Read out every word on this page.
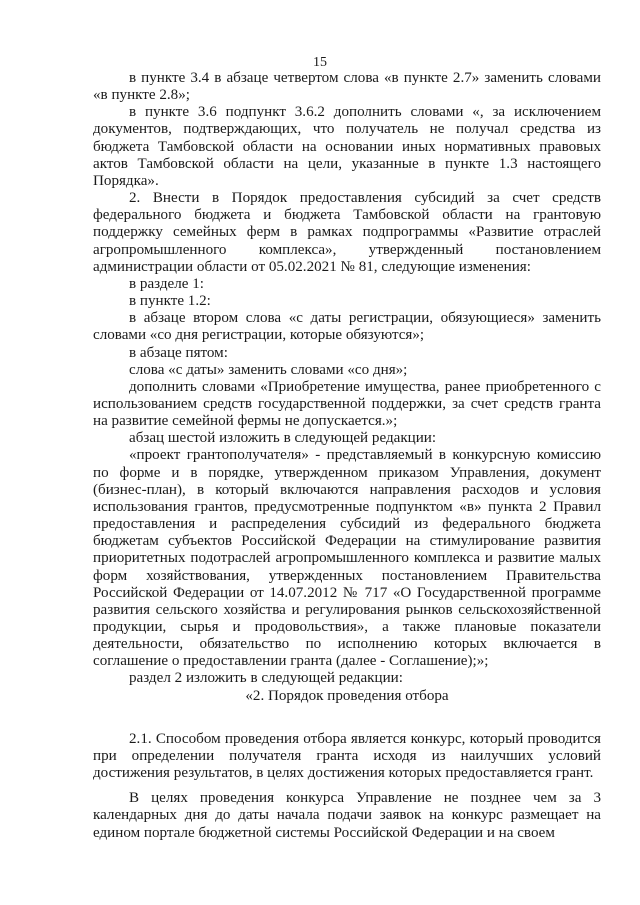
15

в пункте 3.4 в абзаце четвертом слова «в пункте 2.7» заменить словами «в пункте 2.8»;

в пункте 3.6 подпункт 3.6.2 дополнить словами «, за исключением документов, подтверждающих, что получатель не получал средства из бюджета Тамбовской области на основании иных нормативных правовых актов Тамбовской области на цели, указанные в пункте 1.3 настоящего Порядка».

2. Внести в Порядок предоставления субсидий за счет средств федерального бюджета и бюджета Тамбовской области на грантовую поддержку семейных ферм в рамках подпрограммы «Развитие отраслей агропромышленного комплекса», утвержденный постановлением администрации области от 05.02.2021 № 81, следующие изменения:

в разделе 1:

в пункте 1.2:

в абзаце втором слова «с даты регистрации, обязующиеся» заменить словами «со дня регистрации, которые обязуются»;

в абзаце пятом:

слова «с даты» заменить словами «со дня»;

дополнить словами «Приобретение имущества, ранее приобретенного с использованием средств государственной поддержки, за счет средств гранта на развитие семейной фермы не допускается.»;

абзац шестой изложить в следующей редакции:

«проект грантополучателя» - представляемый в конкурсную комиссию по форме и в порядке, утвержденном приказом Управления, документ (бизнес-план), в который включаются направления расходов и условия использования грантов, предусмотренные подпунктом «в» пункта 2 Правил предоставления и распределения субсидий из федерального бюджета бюджетам субъектов Российской Федерации на стимулирование развития приоритетных подотраслей агропромышленного комплекса и развитие малых форм хозяйствования, утвержденных постановлением Правительства Российской Федерации от 14.07.2012 № 717 «О Государственной программе развития сельского хозяйства и регулирования рынков сельскохозяйственной продукции, сырья и продовольствия», а также плановые показатели деятельности, обязательство по исполнению которых включается в соглашение о предоставлении гранта (далее - Соглашение);»;

раздел 2 изложить в следующей редакции:

«2. Порядок проведения отбора

2.1. Способом проведения отбора является конкурс, который проводится при определении получателя гранта исходя из наилучших условий достижения результатов, в целях достижения которых предоставляется грант.

В целях проведения конкурса Управление не позднее чем за 3 календарных дня до даты начала подачи заявок на конкурс размещает на едином портале бюджетной системы Российской Федерации и на своем
